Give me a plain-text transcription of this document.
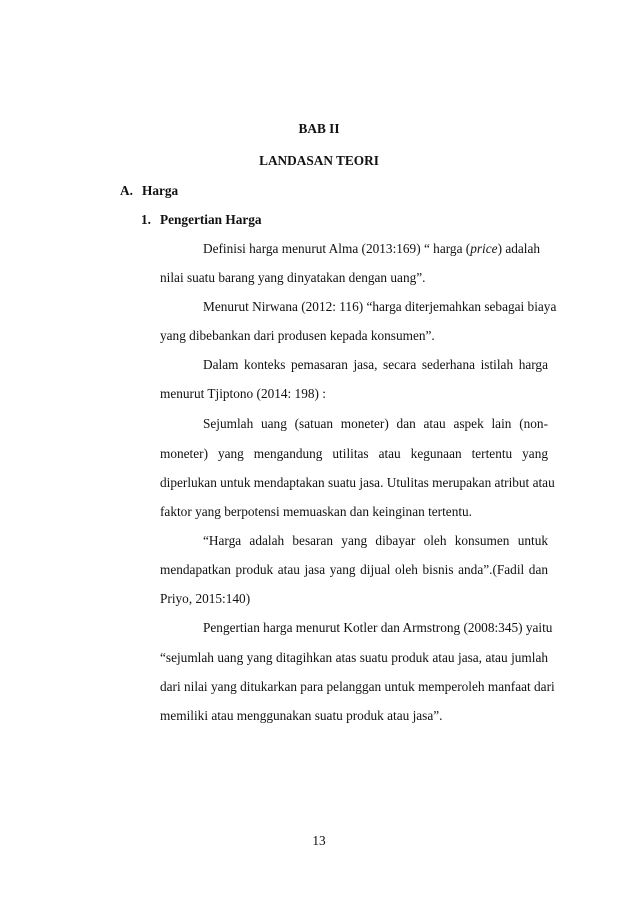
BAB II
LANDASAN TEORI
A. Harga
1. Pengertian Harga
Definisi harga menurut Alma (2013:169) “ harga (price) adalah
nilai suatu barang yang dinyatakan dengan uang”.
Menurut Nirwana (2012: 116) “harga diterjemahkan sebagai biaya
yang dibebankan dari produsen kepada konsumen”.
Dalam konteks pemasaran jasa, secara sederhana istilah harga
menurut Tjiptono (2014: 198) :
Sejumlah uang (satuan moneter) dan atau aspek lain (non-
moneter) yang mengandung utilitas atau kegunaan tertentu yang
diperlukan untuk mendaptakan suatu jasa. Utulitas merupakan atribut atau
faktor yang berpotensi memuaskan dan keinginan tertentu.
“Harga adalah besaran yang dibayar oleh konsumen untuk
mendapatkan produk atau jasa yang dijual oleh bisnis anda”.(Fadil dan
Priyo, 2015:140)
Pengertian harga menurut Kotler dan Armstrong (2008:345) yaitu
“sejumlah uang yang ditagihkan atas suatu produk atau jasa, atau jumlah
dari nilai yang ditukarkan para pelanggan untuk memperoleh manfaat dari
memiliki atau menggunakan suatu produk atau jasa”.
13
